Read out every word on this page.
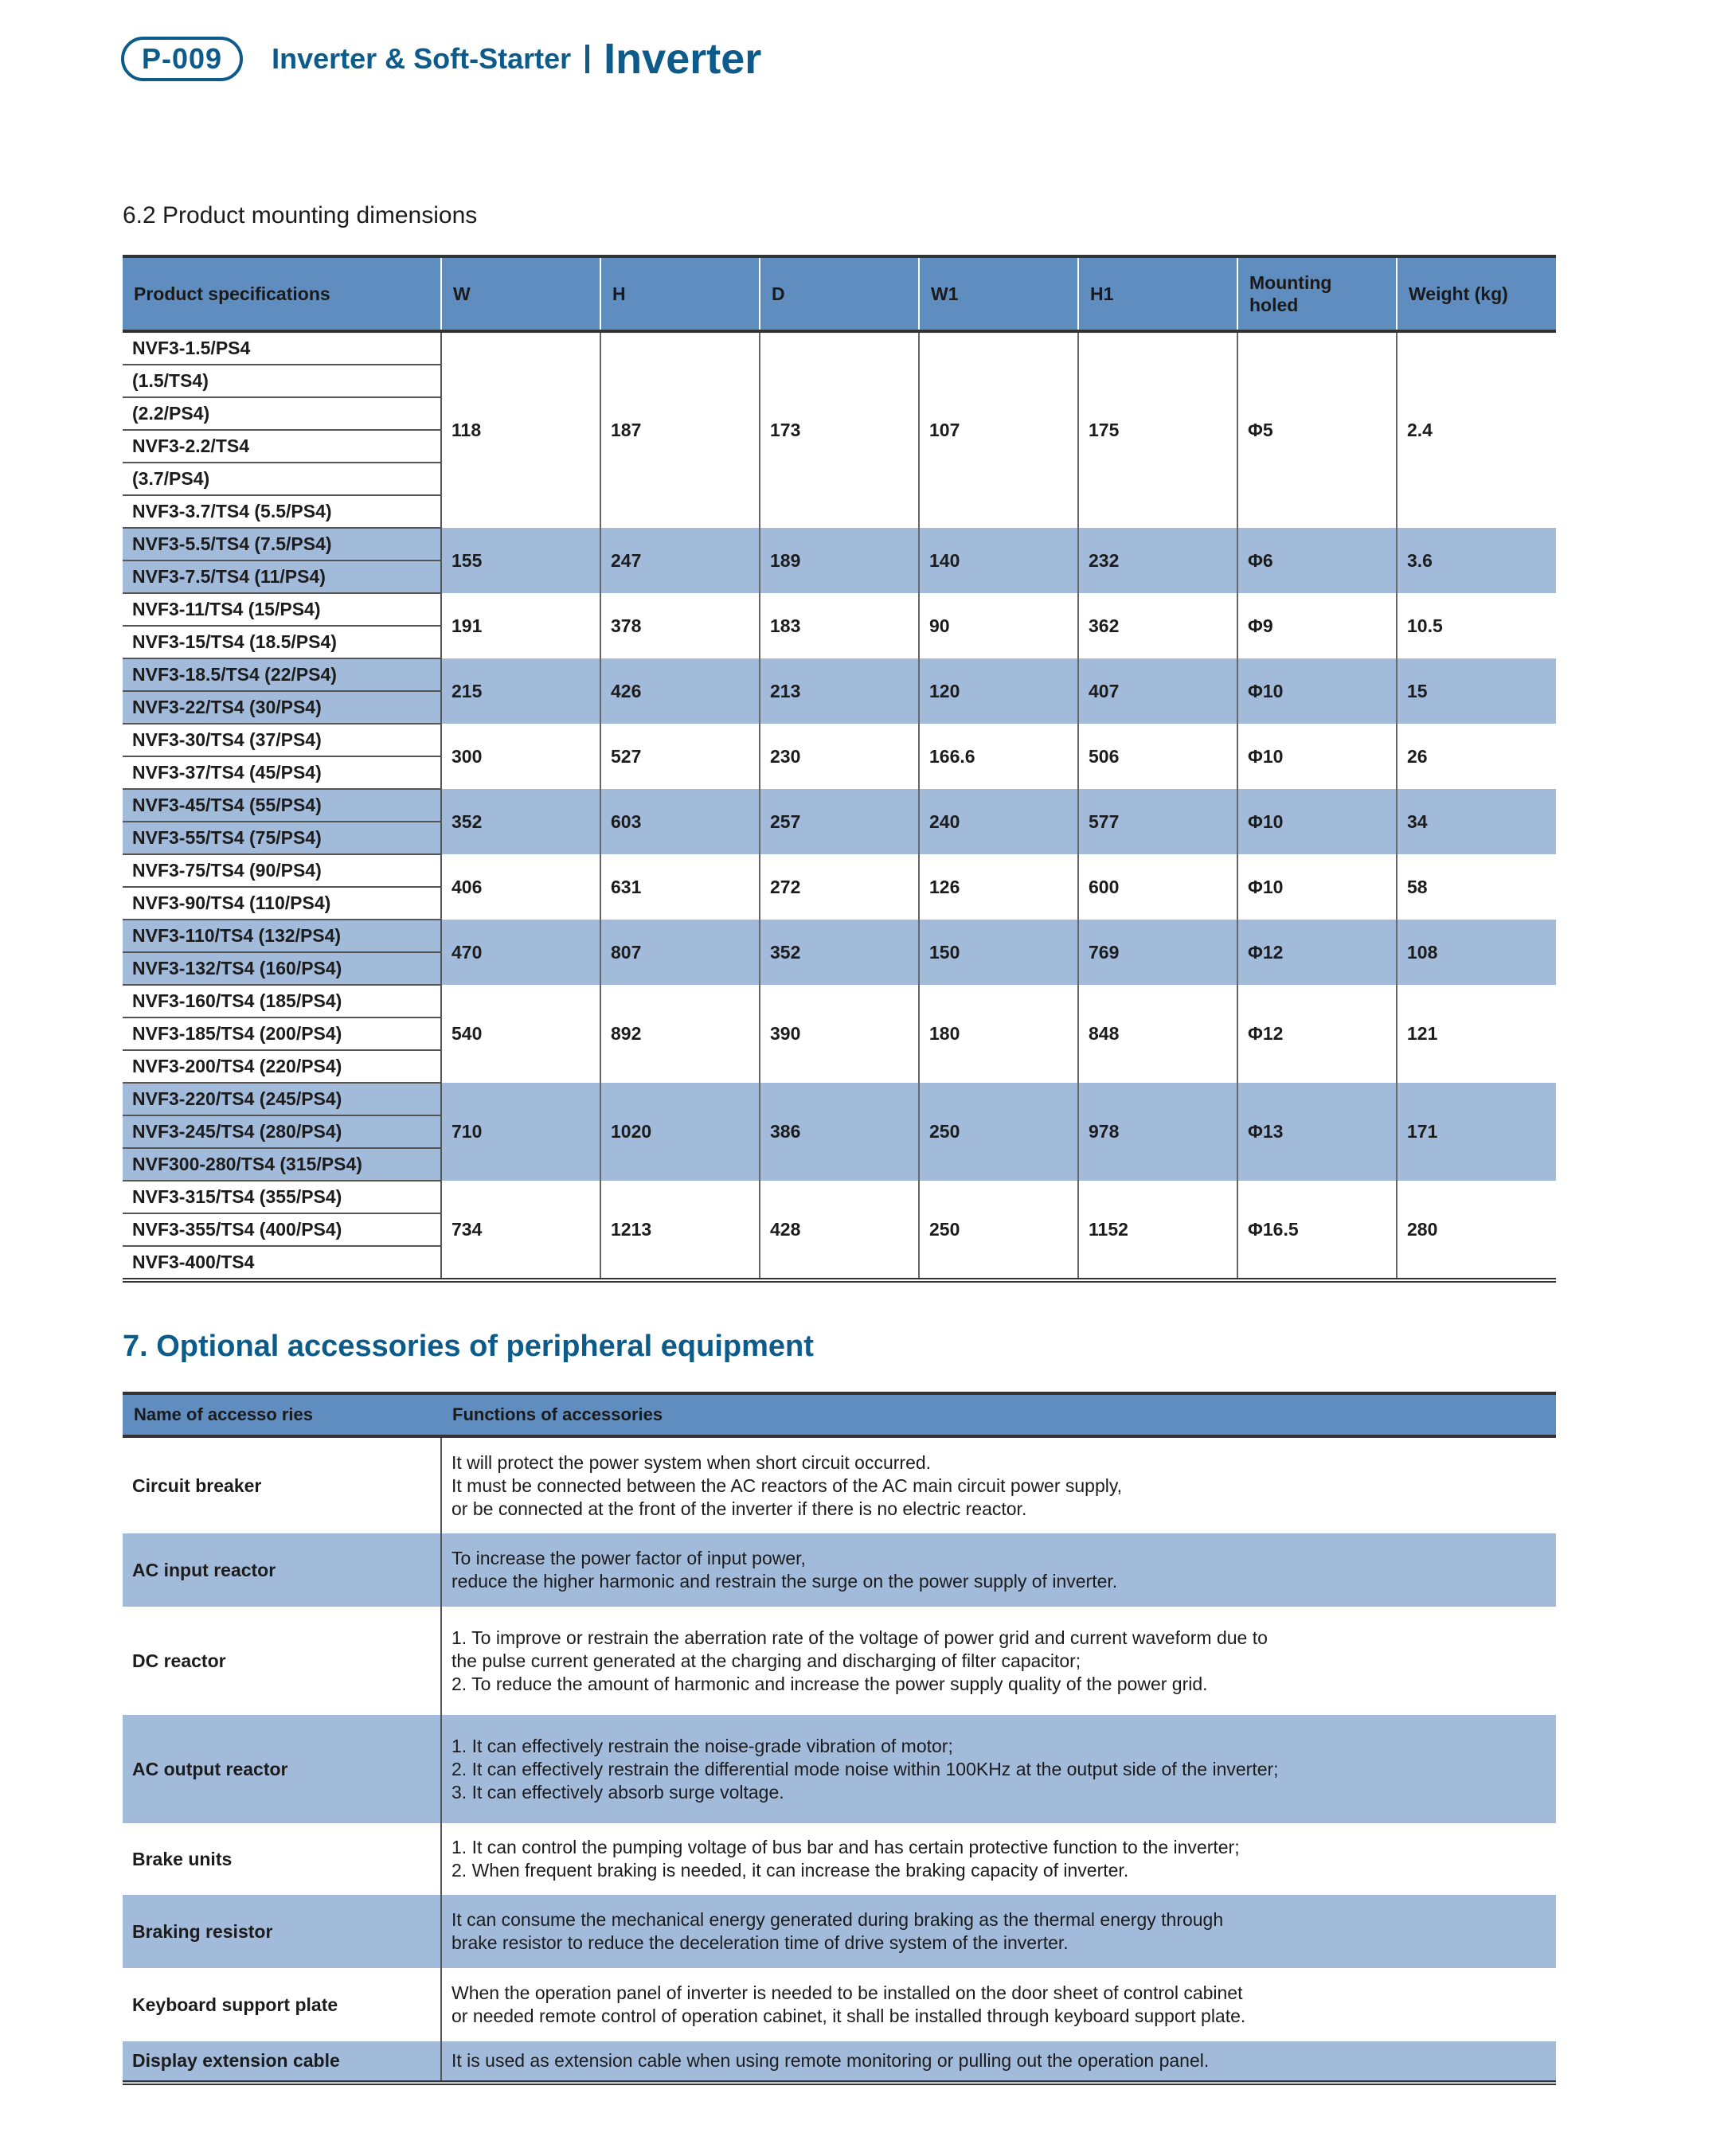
P-009	Inverter & Soft-Starter Inverter
6.2 Product mounting dimensions
Product specifications	W	H	D	W1	H1	Mounting holed	Weight (kg)
NVF3-1.5/PS4	118	187	173	107	175	Φ5	2.4
(1.5/TS4)							
(2.2/PS4)							
NVF3-2.2/TS4							
(3.7/PS4)							
NVF3-3.7/TS4 (5.5/PS4)							
NVF3-5.5/TS4 (7.5/PS4)	155	247	189	140	232	Φ6	3.6
NVF3-7.5/TS4 (11/PS4)							
NVF3-11/TS4 (15/PS4)	191	378	183	90	362	Φ9	10.5
NVF3-15/TS4 (18.5/PS4)							
NVF3-18.5/TS4 (22/PS4)	215	426	213	120	407	Φ10	15
NVF3-22/TS4 (30/PS4)							
NVF3-30/TS4 (37/PS4)	300	527	230	166.6	506	Φ10	26
NVF3-37/TS4 (45/PS4)							
NVF3-45/TS4 (55/PS4)	352	603	257	240	577	Φ10	34
NVF3-55/TS4 (75/PS4)							
NVF3-75/TS4 (90/PS4)	406	631	272	126	600	Φ10	58
NVF3-90/TS4 (110/PS4)							
NVF3-110/TS4 (132/PS4)	470	807	352	150	769	Φ12	108
NVF3-132/TS4 (160/PS4)							
NVF3-160/TS4 (185/PS4)	540	892	390	180	848	Φ12	121
NVF3-185/TS4 (200/PS4)							
NVF3-200/TS4 (220/PS4)							
NVF3-220/TS4 (245/PS4)	710	1020	386	250	978	Φ13	171
NVF3-245/TS4 (280/PS4)							
NVF300-280/TS4 (315/PS4)							
NVF3-315/TS4 (355/PS4)	734	1213	428	250	1152	Φ16.5	280
NVF3-355/TS4 (400/PS4)							
NVF3-400/TS4							
7. Optional accessories of peripheral equipment
Name of accesso ries	Functions of accessories
Circuit breaker	It will protect the power system when short circuit occurred.
It must be connected between the AC reactors of the AC main circuit power supply,
or be connected at the front of the inverter if there is no electric reactor.

AC input reactor	To increase the power factor of input power,
reduce the higher harmonic and restrain the surge on the power supply of inverter.

DC reactor	1. To improve or restrain the aberration rate of the voltage of power grid and current waveform due to
the pulse current generated at the charging and discharging of filter capacitor;
2. To reduce the amount of harmonic and increase the power supply quality of the power grid.

AC output reactor	1. It can effectively restrain the noise-grade vibration of motor;
2. It can effectively restrain the differential mode noise within 100KHz at the output side of the inverter;
3. It can effectively absorb surge voltage.

Brake units	1. It can control the pumping voltage of bus bar and has certain protective function to the inverter;
2. When frequent braking is needed, it can increase the braking capacity of inverter.

Braking resistor	It can consume the mechanical energy generated during braking as the thermal energy through
brake resistor to reduce the deceleration time of drive system of the inverter.

Keyboard support plate	When the operation panel of inverter is needed to be installed on the door sheet of control cabinet
or needed remote control of operation cabinet, it shall be installed through keyboard support plate.

Display extension cable	It is used as extension cable when using remote monitoring or pulling out the operation panel.
